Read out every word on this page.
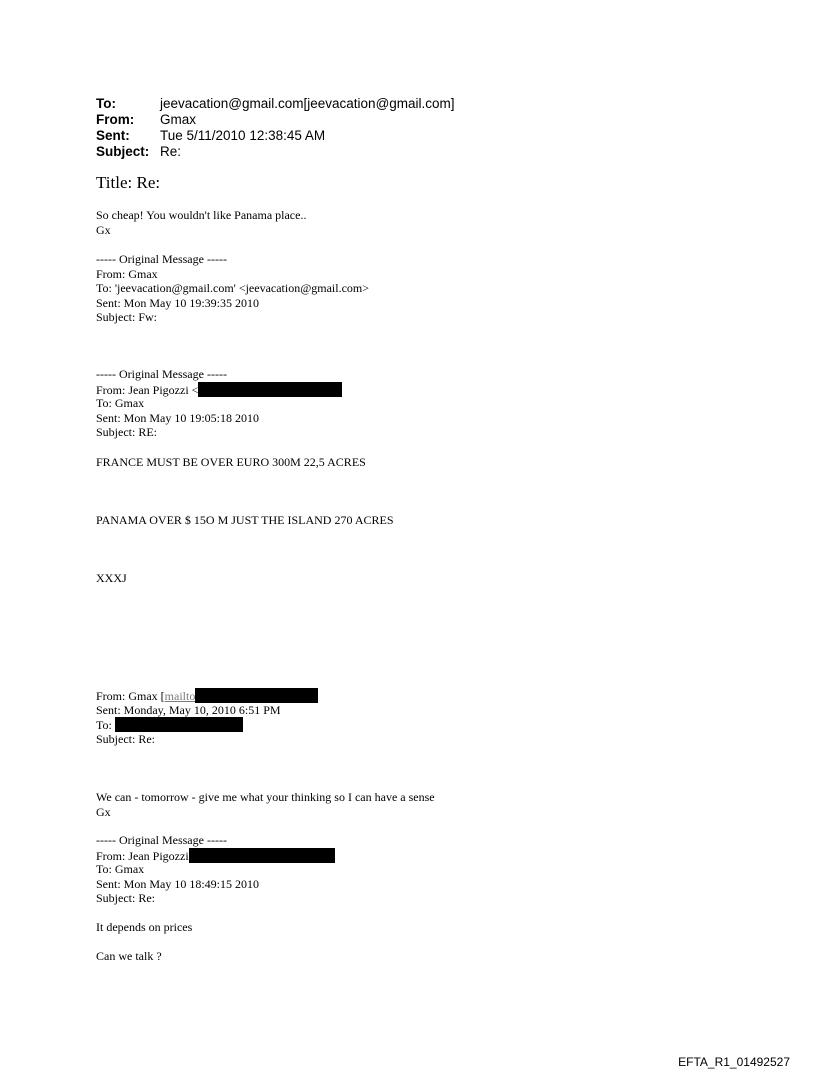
To:	jeevacation@gmail.com[jeevacation@gmail.com]
From:	Gmax
Sent:	Tue 5/11/2010 12:38:45 AM
Subject: Re:
Title: Re:
So cheap! You wouldn't like Panama place..
Gx
----- Original Message -----
From: Gmax
To: 'jeevacation@gmail.com' <jeevacation@gmail.com>
Sent: Mon May 10 19:39:35 2010
Subject: Fw:
----- Original Message -----
From: Jean Pigozzi <
To: Gmax
Sent: Mon May 10 19:05:18 2010
Subject: RE:
FRANCE MUST BE OVER EURO 300M 22,5 ACRES
PANAMA OVER $ 15O M JUST THE ISLAND 270 ACRES
XXXJ
From: Gmax [mailto
Sent: Monday, May 10, 2010 6:51 PM
To:
Subject: Re:
We can - tomorrow - give me what your thinking so I can have a sense
Gx
----- Original Message -----
From: Jean Pigozzi
To: Gmax
Sent: Mon May 10 18:49:15 2010
Subject: Re:
It depends on prices
Can we talk ?
EFTA_R1_01492527
